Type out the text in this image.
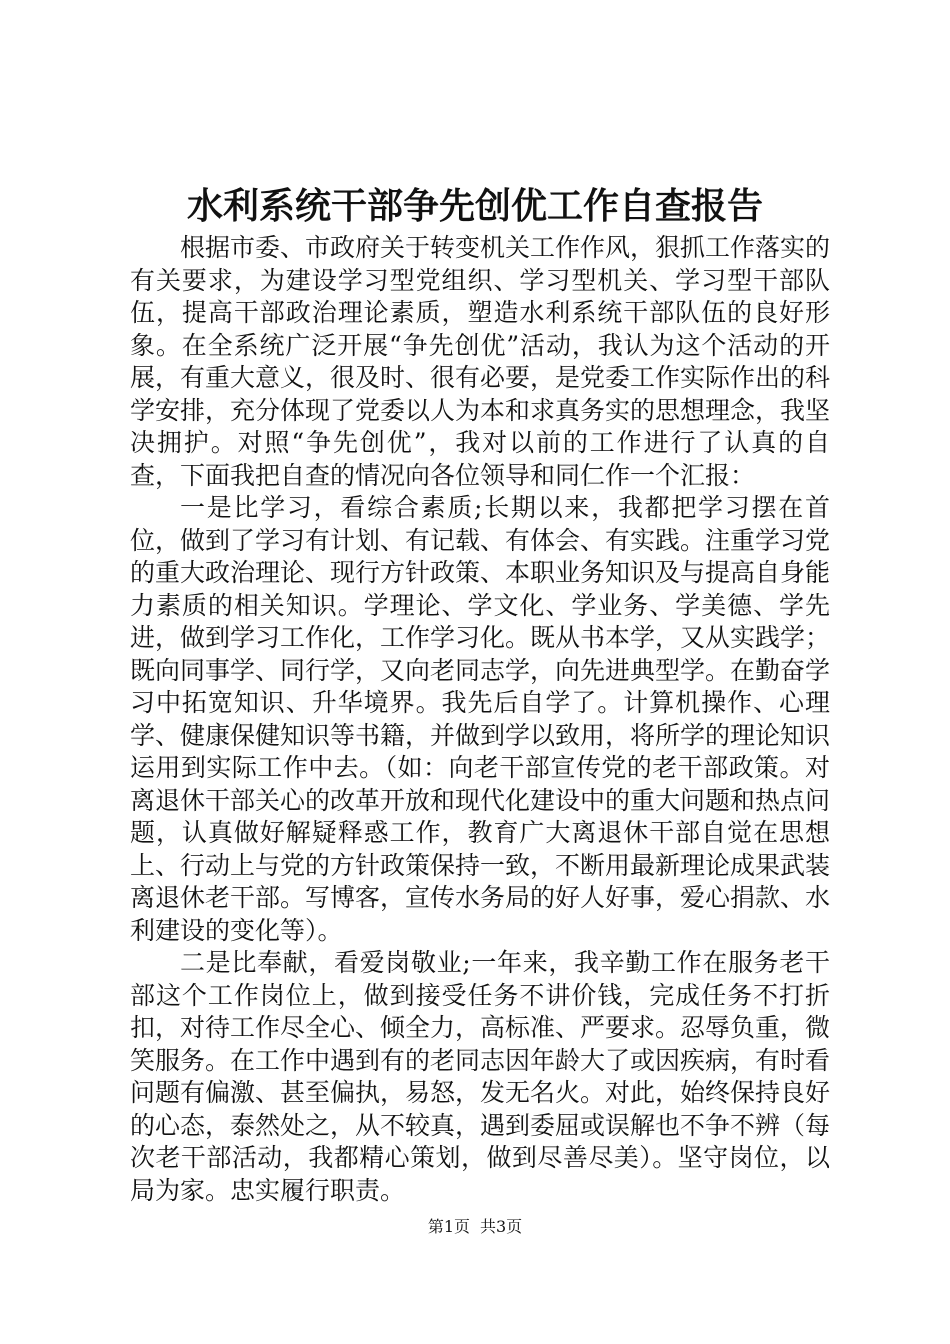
水利系统干部争先创优工作自查报告

根据市委、市政府关于转变机关工作作风，狠抓工作落实的有关要求，为建设学习型党组织、学习型机关、学习型干部队伍，提高干部政治理论素质，塑造水利系统干部队伍的良好形象。在全系统广泛开展“争先创优”活动，我认为这个活动的开展，有重大意义，很及时、很有必要，是党委工作实际作出的科学安排，充分体现了党委以人为本和求真务实的思想理念，我坚决拥护。对照“争先创优”，我对以前的工作进行了认真的自查，下面我把自查的情况向各位领导和同仁作一个汇报：

一是比学习，看综合素质;长期以来，我都把学习摆在首位，做到了学习有计划、有记载、有体会、有实践。注重学习党的重大政治理论、现行方针政策、本职业务知识及与提高自身能力素质的相关知识。学理论、学文化、学业务、学美德、学先进，做到学习工作化，工作学习化。既从书本学，又从实践学；既向同事学、同行学，又向老同志学，向先进典型学。在勤奋学习中拓宽知识、升华境界。我先后自学了。计算机操作、心理学、健康保健知识等书籍，并做到学以致用，将所学的理论知识运用到实际工作中去。（如：向老干部宣传党的老干部政策。对离退休干部关心的改革开放和现代化建设中的重大问题和热点问题，认真做好解疑释惑工作，教育广大离退休干部自觉在思想上、行动上与党的方针政策保持一致，不断用最新理论成果武装离退休老干部。写博客，宣传水务局的好人好事，爱心捐款、水利建设的变化等）。

二是比奉献，看爱岗敬业;一年来，我辛勤工作在服务老干部这个工作岗位上，做到接受任务不讲价钱，完成任务不打折扣，对待工作尽全心、倾全力，高标准、严要求。忍辱负重，微笑服务。在工作中遇到有的老同志因年龄大了或因疾病，有时看问题有偏激、甚至偏执，易怒，发无名火。对此，始终保持良好的心态，泰然处之，从不较真，遇到委屈或误解也不争不辨（每次老干部活动，我都精心策划，做到尽善尽美）。坚守岗位，以局为家。忠实履行职责。

第1页 共3页
